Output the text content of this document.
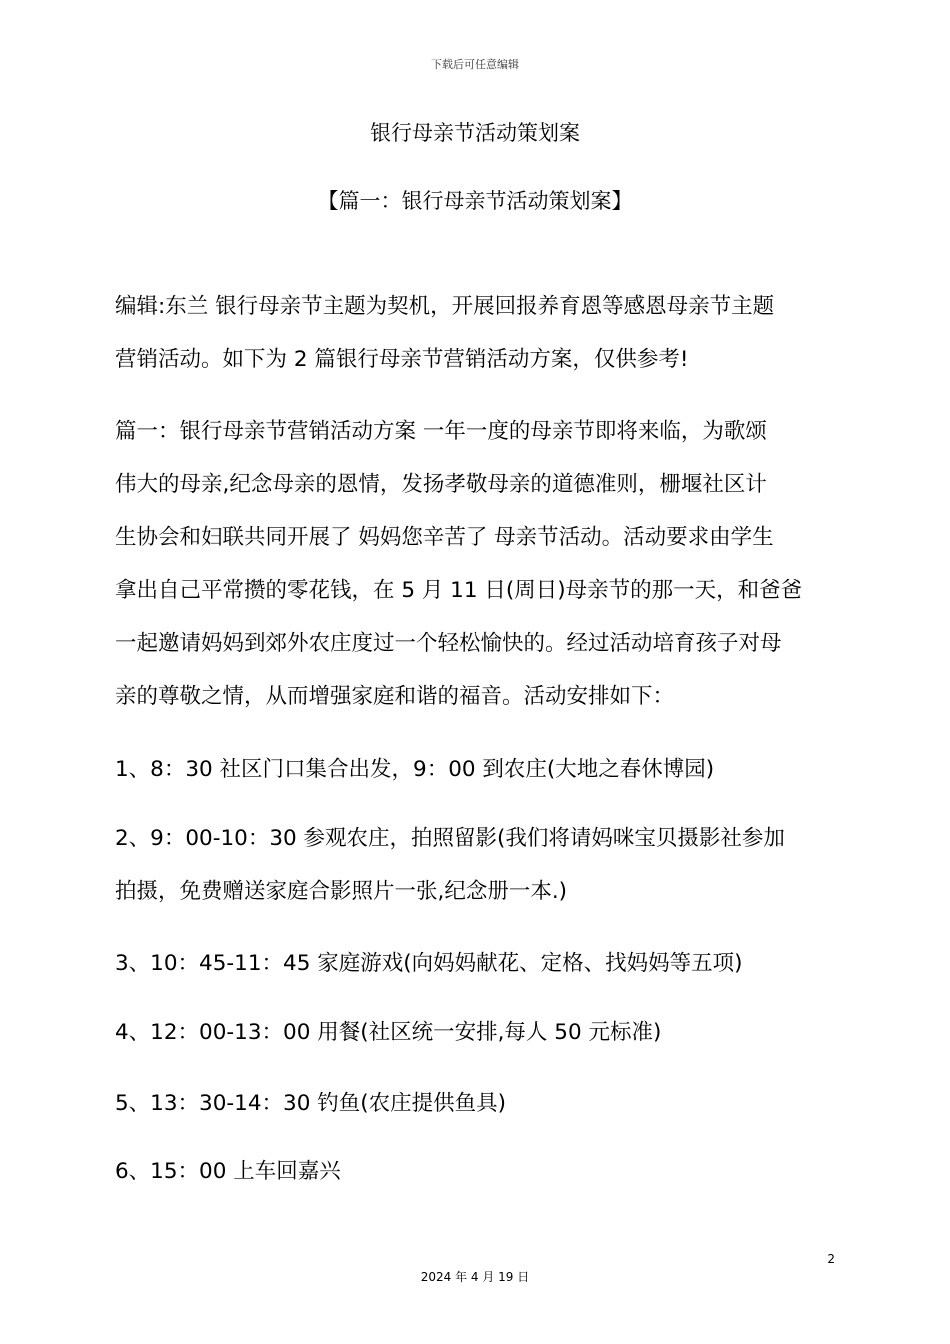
下载后可任意编辑
银行母亲节活动策划案
【篇一：银行母亲节活动策划案】

编辑:东兰 银行母亲节主题为契机，开展回报养育恩等感恩母亲节主题
营销活动。如下为 2 篇银行母亲节营销活动方案，仅供参考!

篇一：银行母亲节营销活动方案 一年一度的母亲节即将来临，为歌颂
伟大的母亲,纪念母亲的恩情，发扬孝敬母亲的道德准则，栅堰社区计
生协会和妇联共同开展了 妈妈您辛苦了 母亲节活动。活动要求由学生
拿出自己平常攒的零花钱，在 5 月 11 日(周日)母亲节的那一天，和爸爸
一起邀请妈妈到郊外农庄度过一个轻松愉快的。经过活动培育孩子对母
亲的尊敬之情，从而增强家庭和谐的福音。活动安排如下：

1、8：30 社区门口集合出发，9：00 到农庄(大地之春休博园)

2、9：00-10：30 参观农庄，拍照留影(我们将请妈咪宝贝摄影社参加
拍摄，免费赠送家庭合影照片一张,纪念册一本.)

3、10：45-11：45 家庭游戏(向妈妈献花、定格、找妈妈等五项)

4、12：00-13：00 用餐(社区统一安排,每人 50 元标准)

5、13：30-14：30 钓鱼(农庄提供鱼具)

6、15：00 上车回嘉兴

2
2024 年 4 月 19 日
